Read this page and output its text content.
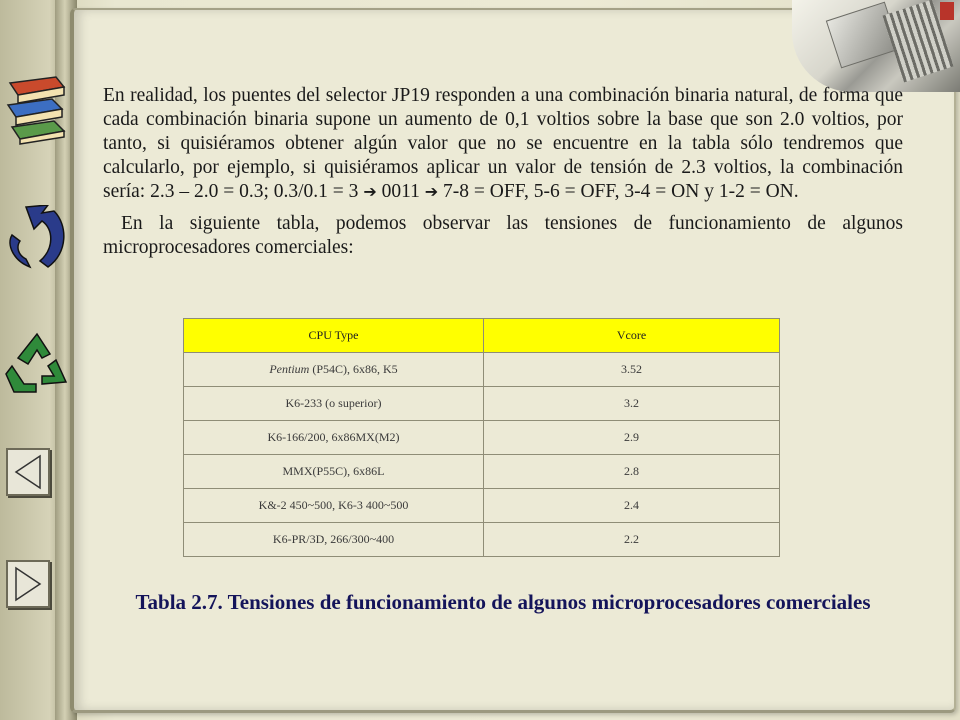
En realidad, los puentes del selector JP19 responden a una combinación binaria natural, de forma que cada combinación binaria supone un aumento de 0,1 voltios sobre la base que son 2.0 voltios, por tanto, si quisiéramos obtener algún valor que no se encuentre en la tabla sólo tendremos que calcularlo, por ejemplo, si quisiéramos aplicar un valor de tensión de 2.3 voltios, la combinación sería: 2.3 – 2.0 = 0.3; 0.3/0.1 = 3 ➔ 0011 ➔ 7-8 = OFF, 5-6 = OFF, 3-4 = ON y 1-2 = ON.

En la siguiente tabla, podemos observar las tensiones de funcionamiento de algunos microprocesadores comerciales:

CPU Type	Vcore
Pentium (P54C), 6x86, K5	3.52
K6-233 (o superior)	3.2
K6-166/200, 6x86MX(M2)	2.9
MMX(P55C), 6x86L	2.8
K&-2 450~500, K6-3 400~500	2.4
K6-PR/3D, 266/300~400	2.2
Tabla 2.7. Tensiones de funcionamiento de algunos microprocesadores comerciales
